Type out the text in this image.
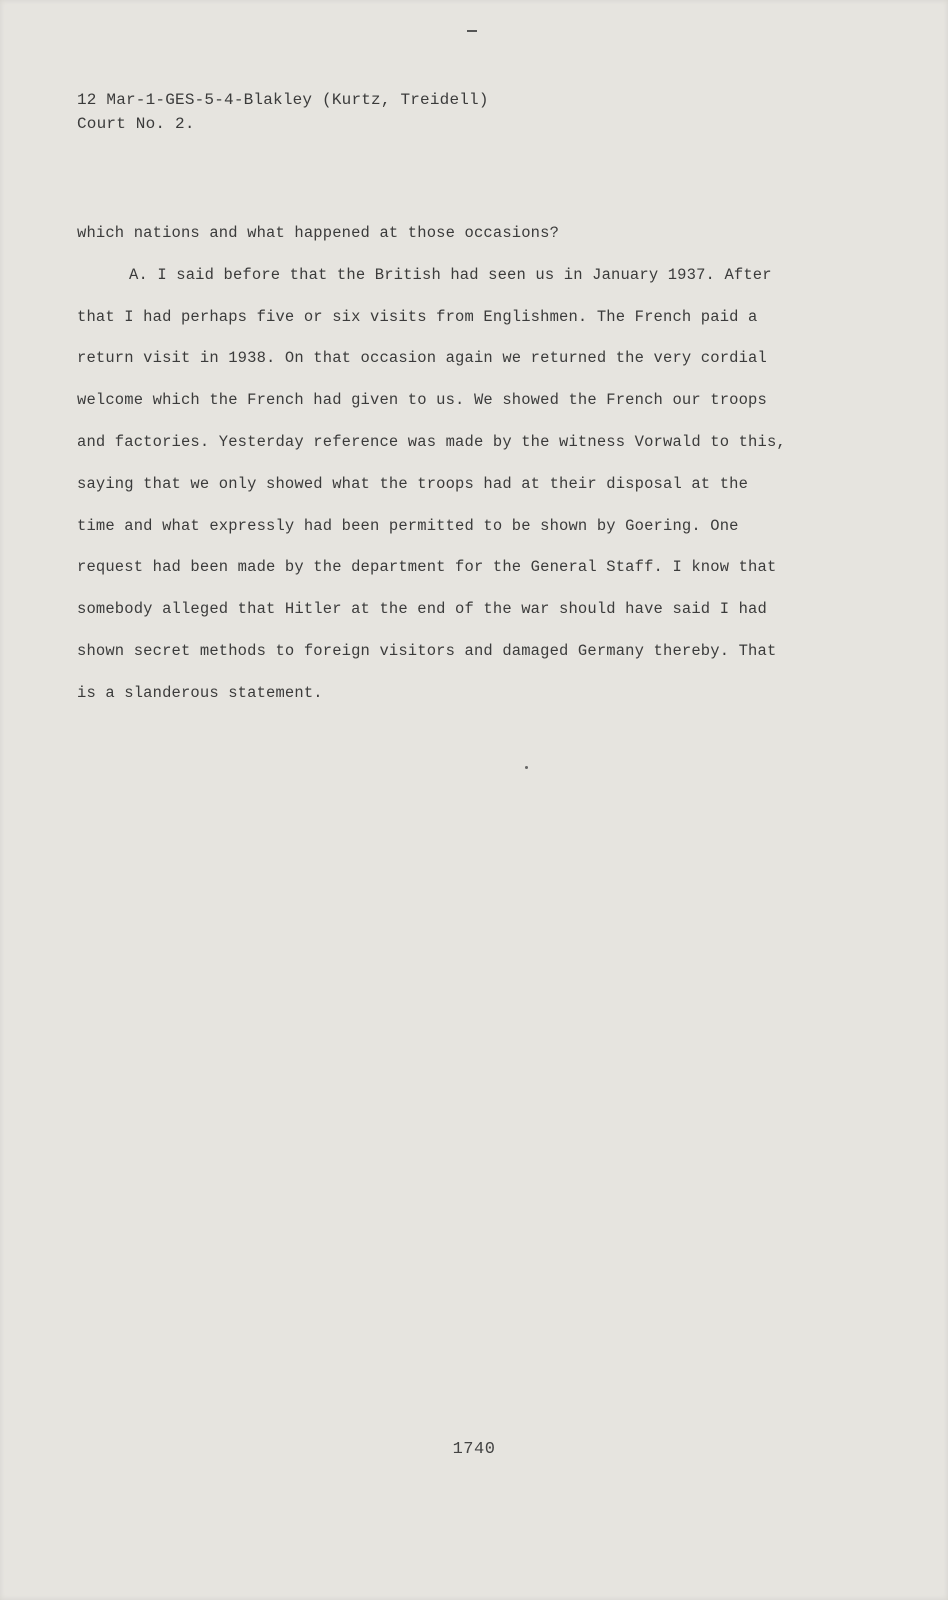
12 Mar-1-GES-5-4-Blakley (Kurtz, Treidell)
Court No. 2.
which nations and what happened at those occasions?
A. I said before that the British had seen us in January 1937. After
that I had perhaps five or six visits from Englishmen. The French paid a
return visit in 1938. On that occasion again we returned the very cordial
welcome which the French had given to us. We showed the French our troops
and factories. Yesterday reference was made by the witness Vorwald to this,
saying that we only showed what the troops had at their disposal at the
time and what expressly had been permitted to be shown by Goering. One
request had been made by the department for the General Staff. I know that
somebody alleged that Hitler at the end of the war should have said I had
shown secret methods to foreign visitors and damaged Germany thereby. That
is a slanderous statement.
1740
